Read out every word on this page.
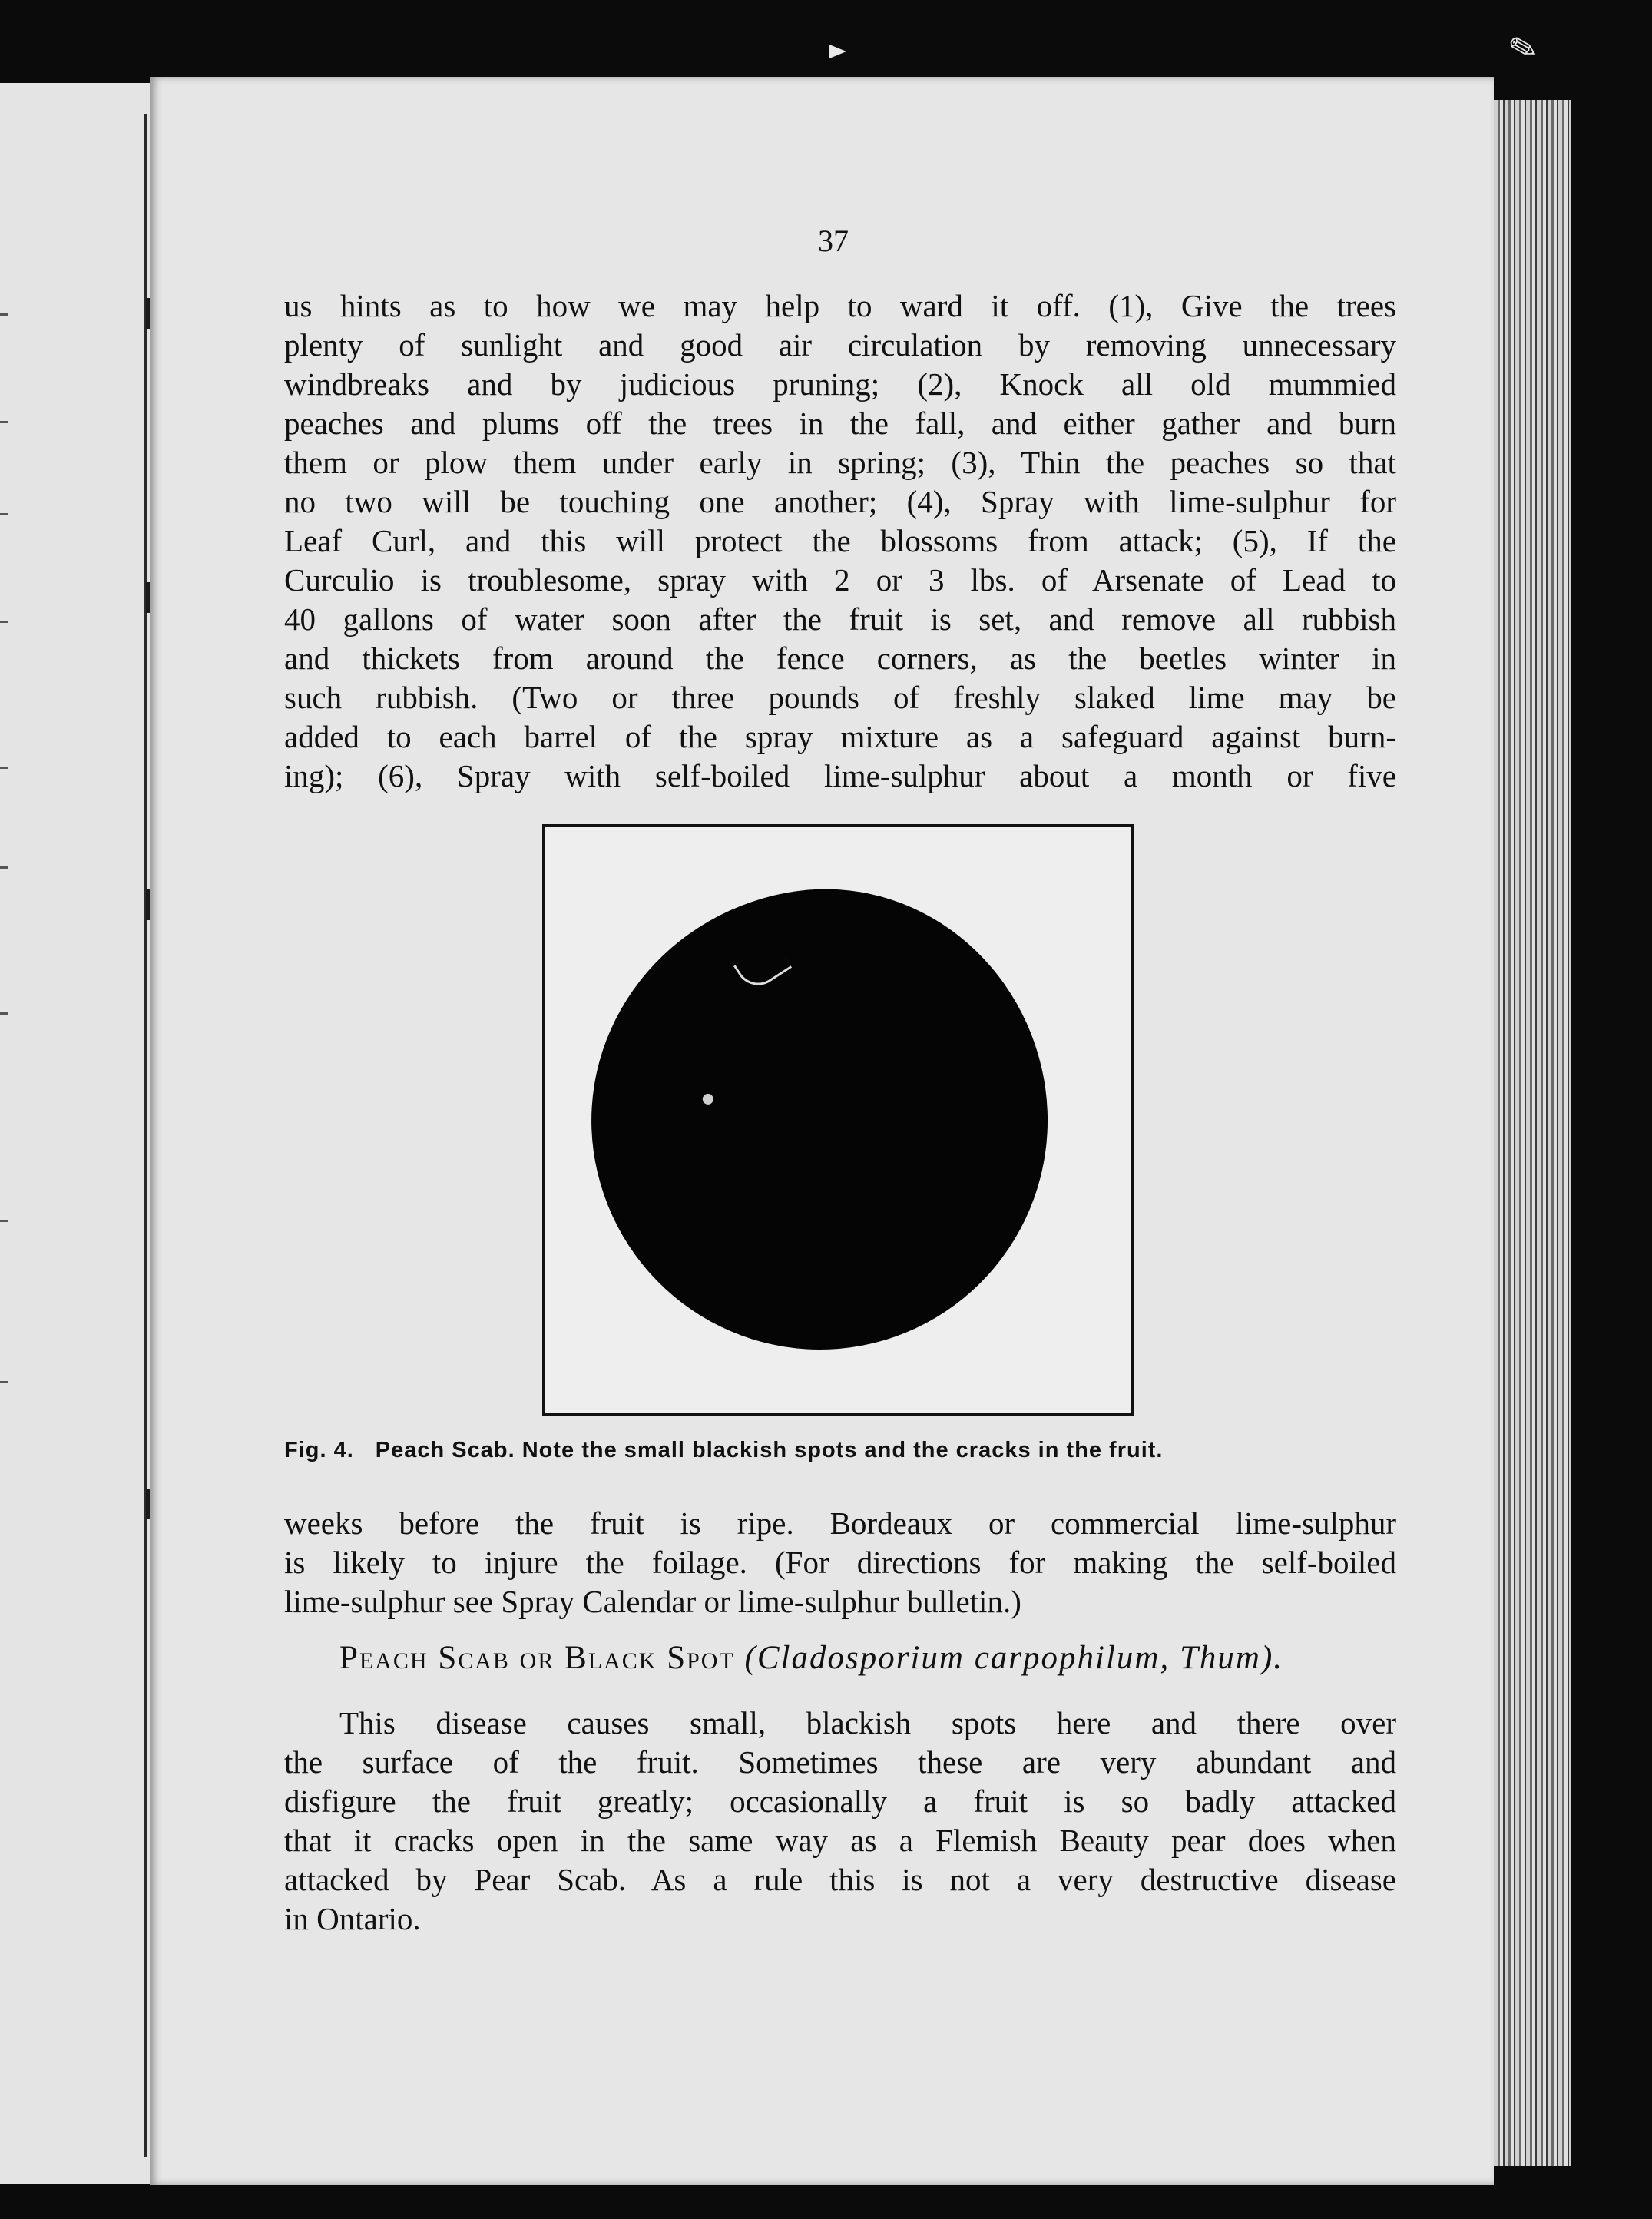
✎
37
us hints as to how we may help to ward it off. (1), Give the trees
plenty of sunlight and good air circulation by removing unnecessary
windbreaks and by judicious pruning; (2), Knock all old mummied
peaches and plums off the trees in the fall, and either gather and burn
them or plow them under early in spring; (3), Thin the peaches so that
no two will be touching one another; (4), Spray with lime-sulphur for
Leaf Curl, and this will protect the blossoms from attack; (5), If the
Curculio is troublesome, spray with 2 or 3 lbs. of Arsenate of Lead to
40 gallons of water soon after the fruit is set, and remove all rubbish
and thickets from around the fence corners, as the beetles winter in
such rubbish. (Two or three pounds of freshly slaked lime may be
added to each barrel of the spray mixture as a safeguard against burn-
ing); (6), Spray with self-boiled lime-sulphur about a month or five
Fig. 4. Peach Scab. Note the small blackish spots and the cracks in the fruit.
weeks before the fruit is ripe. Bordeaux or commercial lime-sulphur
is likely to injure the foilage. (For directions for making the self-boiled
lime-sulphur see Spray Calendar or lime-sulphur bulletin.)
Peach Scab or Black Spot (Cladosporium carpophilum, Thum).
This disease causes small, blackish spots here and there over
the surface of the fruit. Sometimes these are very abundant and
disfigure the fruit greatly; occasionally a fruit is so badly attacked
that it cracks open in the same way as a Flemish Beauty pear does when
attacked by Pear Scab. As a rule this is not a very destructive disease
in Ontario.
